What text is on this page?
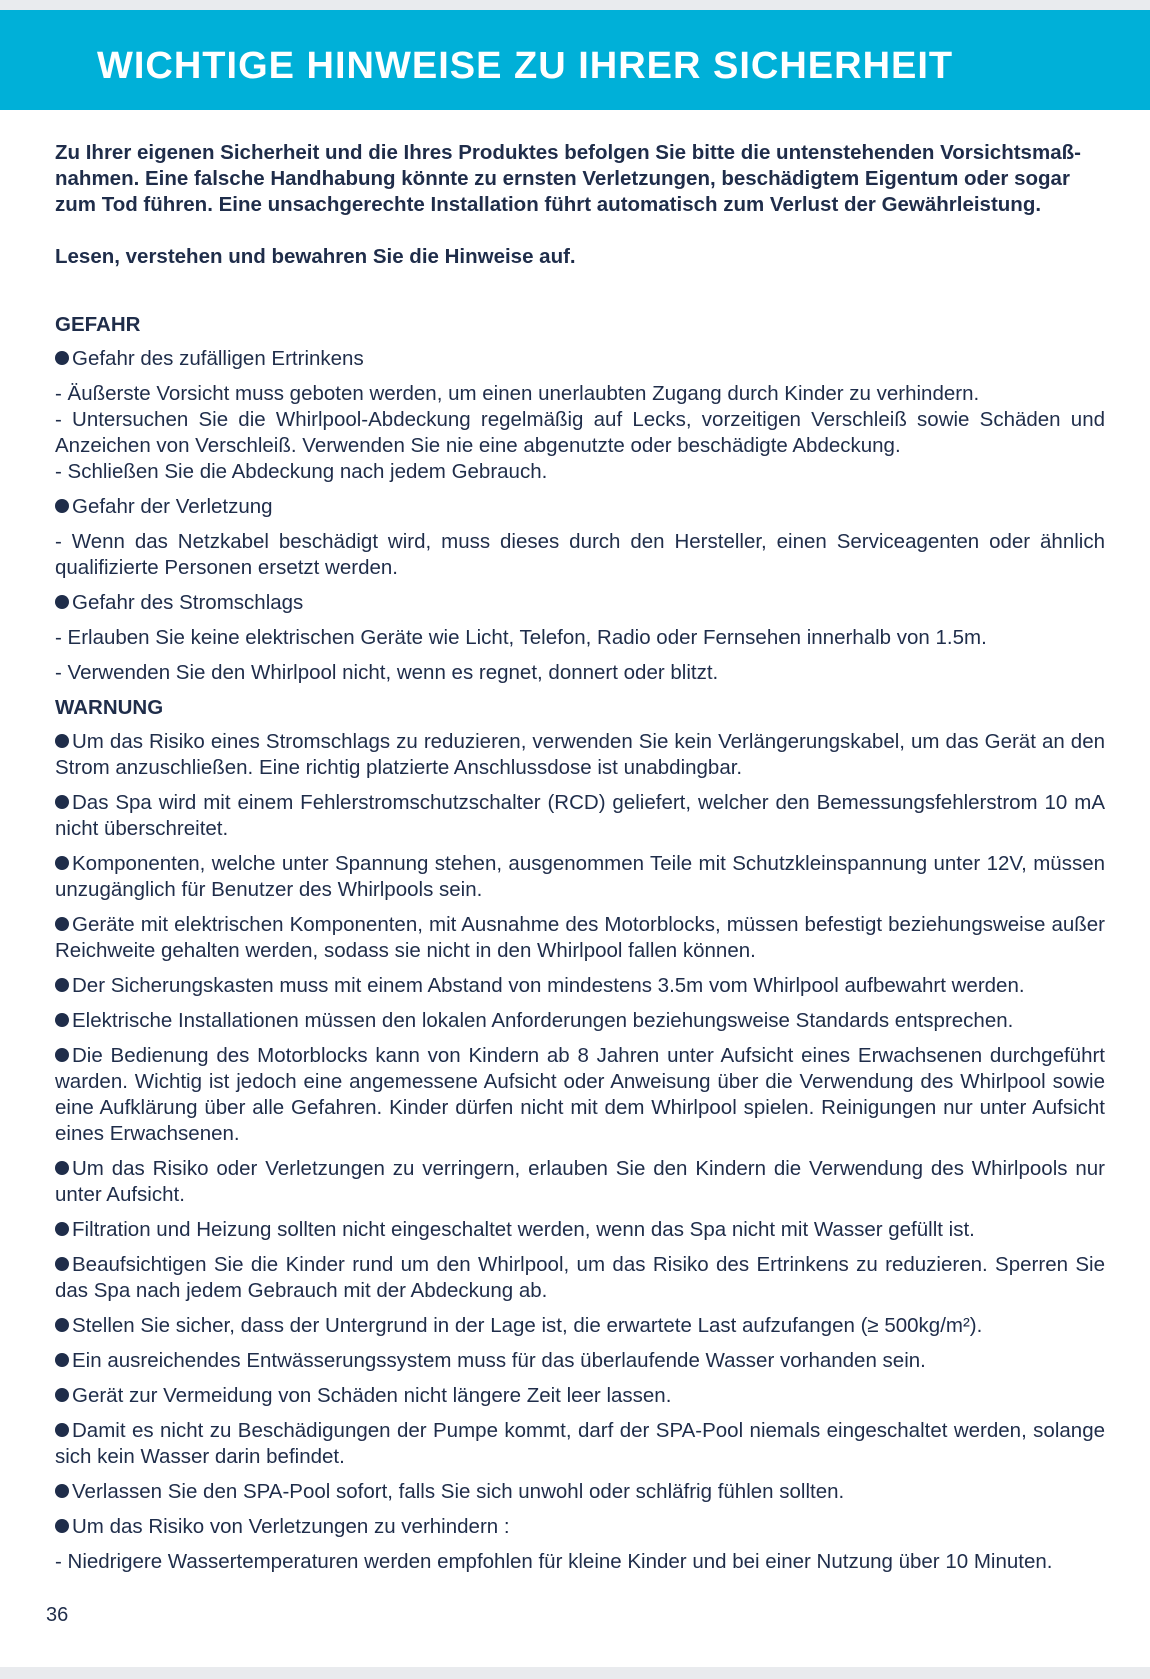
WICHTIGE HINWEISE ZU IHRER SICHERHEIT

Zu Ihrer eigenen Sicherheit und die Ihres Produktes befolgen Sie bitte die untenstehenden Vorsichtsmaßnahmen. Eine falsche Handhabung könnte zu ernsten Verletzungen, beschädigtem Eigentum oder sogar zum Tod führen. Eine unsachgerechte Installation führt automatisch zum Verlust der Gewährleistung.

Lesen, verstehen und bewahren Sie die Hinweise auf.

GEFAHR

Gefahr des zufälligen Ertrinkens

- Äußerste Vorsicht muss geboten werden, um einen unerlaubten Zugang durch Kinder zu verhindern.

- Untersuchen Sie die Whirlpool-Abdeckung regelmäßig auf Lecks, vorzeitigen Verschleiß sowie Schäden und Anzeichen von Verschleiß. Verwenden Sie nie eine abgenutzte oder beschädigte Abdeckung.

- Schließen Sie die Abdeckung nach jedem Gebrauch.

Gefahr der Verletzung

- Wenn das Netzkabel beschädigt wird, muss dieses durch den Hersteller, einen Serviceagenten oder ähnlich qualifizierte Personen ersetzt werden.

Gefahr des Stromschlags

- Erlauben Sie keine elektrischen Geräte wie Licht, Telefon, Radio oder Fernsehen innerhalb von 1.5m.

- Verwenden Sie den Whirlpool nicht, wenn es regnet, donnert oder blitzt.

WARNUNG

Um das Risiko eines Stromschlags zu reduzieren, verwenden Sie kein Verlängerungskabel, um das Gerät an den Strom anzuschließen. Eine richtig platzierte Anschlussdose ist unabdingbar.

Das Spa wird mit einem Fehlerstromschutzschalter (RCD) geliefert, welcher den Bemessungsfehlerstrom 10 mA nicht überschreitet.

Komponenten, welche unter Spannung stehen, ausgenommen Teile mit Schutzkleinspannung unter 12V, müssen unzugänglich für Benutzer des Whirlpools sein.

Geräte mit elektrischen Komponenten, mit Ausnahme des Motorblocks, müssen befestigt beziehungsweise außer Reichweite gehalten werden, sodass sie nicht in den Whirlpool fallen können.

Der Sicherungskasten muss mit einem Abstand von mindestens 3.5m vom Whirlpool aufbewahrt werden.

Elektrische Installationen müssen den lokalen Anforderungen beziehungsweise Standards entsprechen.

Die Bedienung des Motorblocks kann von Kindern ab 8 Jahren unter Aufsicht eines Erwachsenen durchgeführt warden. Wichtig ist jedoch eine angemessene Aufsicht oder Anweisung über die Verwendung des Whirlpool sowie eine Aufklärung über alle Gefahren. Kinder dürfen nicht mit dem Whirlpool spielen. Reinigungen nur unter Aufsicht eines Erwachsenen.

Um das Risiko oder Verletzungen zu verringern, erlauben Sie den Kindern die Verwendung des Whirlpools nur unter Aufsicht.

Filtration und Heizung sollten nicht eingeschaltet werden, wenn das Spa nicht mit Wasser gefüllt ist.

Beaufsichtigen Sie die Kinder rund um den Whirlpool, um das Risiko des Ertrinkens zu reduzieren. Sperren Sie das Spa nach jedem Gebrauch mit der Abdeckung ab.

Stellen Sie sicher, dass der Untergrund in der Lage ist, die erwartete Last aufzufangen (≥ 500kg/m²).

Ein ausreichendes Entwässerungssystem muss für das überlaufende Wasser vorhanden sein.

Gerät zur Vermeidung von Schäden nicht längere Zeit leer lassen.

Damit es nicht zu Beschädigungen der Pumpe kommt, darf der SPA-Pool niemals eingeschaltet werden, solange sich kein Wasser darin befindet.

Verlassen Sie den SPA-Pool sofort, falls Sie sich unwohl oder schläfrig fühlen sollten.

Um das Risiko von Verletzungen zu verhindern :

- Niedrigere Wassertemperaturen werden empfohlen für kleine Kinder und bei einer Nutzung über 10 Minuten.

36
